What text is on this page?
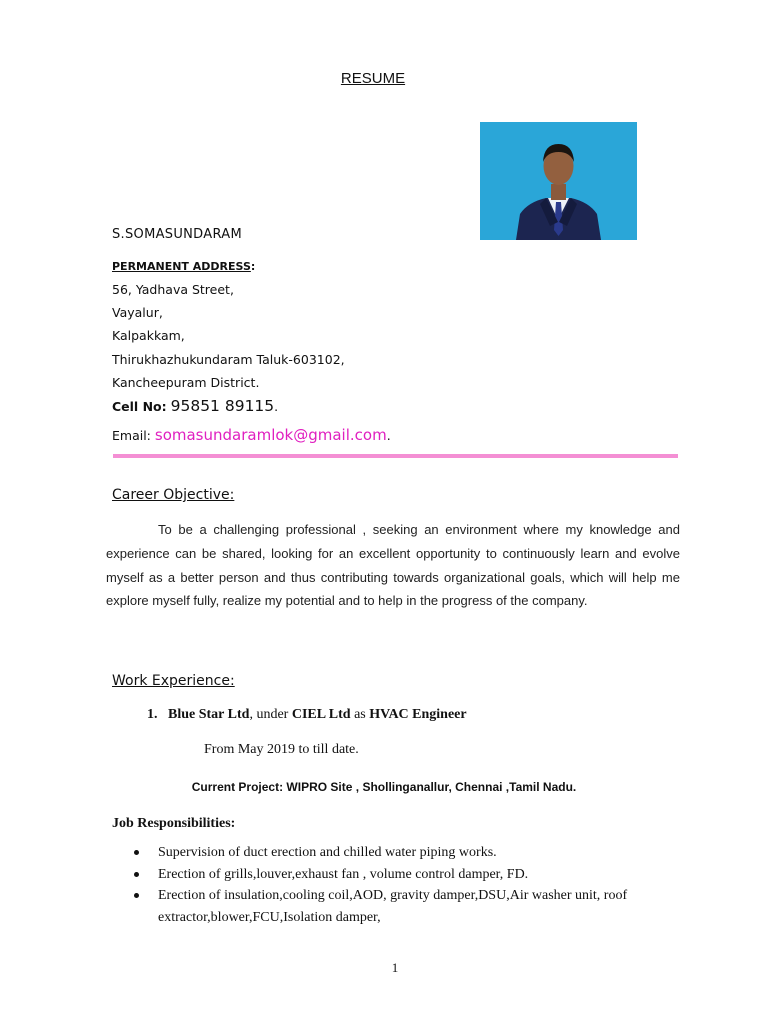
RESUME
S.SOMASUNDARAM
PERMANENT ADDRESS:
56, Yadhava Street,
Vayalur,
Kalpakkam,
Thirukhazhukundaram Taluk-603102,
Kancheepuram District.
Cell No: 95851 89115.
Email: somasundaramlok@gmail.com.
Career Objective:
To be a challenging professional , seeking an environment where my knowledge and experience can be shared, looking for an excellent opportunity to continuously learn and evolve myself as a better person and thus contributing towards organizational goals, which will help me explore myself fully, realize my potential and to help in the progress of the company.
Work Experience:
1. Blue Star Ltd, under CIEL Ltd as HVAC Engineer
From May 2019 to till date.
Current Project: WIPRO Site , Shollinganallur, Chennai ,Tamil Nadu.
Job Responsibilities:
Supervision of duct erection and chilled water piping works.
Erection of grills,louver,exhaust fan , volume control damper, FD.
Erection of insulation,cooling coil,AOD, gravity damper,DSU,Air washer unit, roof extractor,blower,FCU,Isolation damper,
1
